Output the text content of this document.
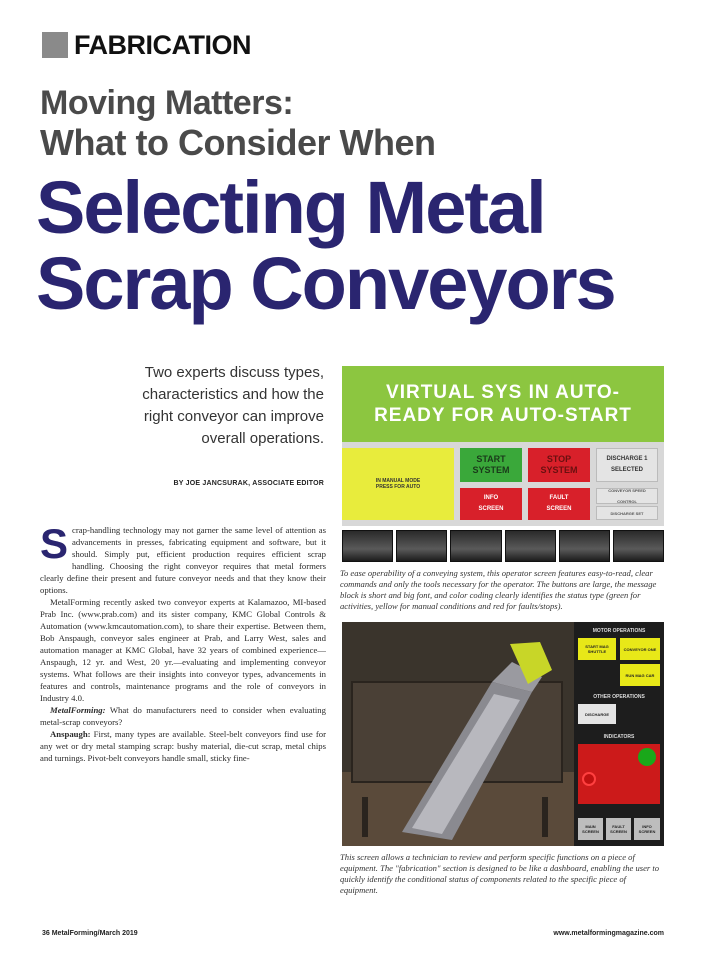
FABRICATION
Moving Matters:
What to Consider When
Selecting Metal
Scrap Conveyors
Two experts discuss types,
characteristics and how the
right conveyor can improve
overall operations.
BY JOE JANCSURAK, ASSOCIATE EDITOR
VIRTUAL SYS IN AUTO-
READY FOR AUTO-START
IN MANUAL MODE
PRESS FOR AUTO
START
SYSTEM
STOP
SYSTEM
DISCHARGE 1
SELECTED
INFO
SCREEN
FAULT
SCREEN
CONVEYOR SPEED
CONTROL
DISCHARGE SET
To ease operability of a conveying system, this operator screen features easy-to-read, clear commands and only the tools necessary for the operator. The buttons are large, the message block is short and big font, and color coding clearly identifies the status type (green for activities, yellow for manual conditions and red for faults/stops).
MOTOR OPERATIONS
START MAG SHUTTLE	CONVEYOR ONE
RUN MAG CAR
OTHER OPERATIONS
DISCHARGE
INDICATORS
MAIN SCREEN
FAULT SCREEN
INFO SCREEN
This screen allows a technician to review and perform specific functions on a piece of equipment. The "fabrication" section is designed to be like a dashboard, enabling the user to quickly identify the conditional status of components related to the specific piece of equipment.
S crap-handling technology may not garner the same level of attention as advancements in presses, fabricating equipment and software, but it should. Simply put, efficient production requires efficient scrap handling. Choosing the right conveyor requires that metal formers clearly define their present and future conveyor needs and that they know their options.

MetalForming recently asked two conveyor experts at Kalamazoo, MI-based Prab Inc. (www.prab.com) and its sister company, KMC Global Controls & Automation (www.kmcautomation.com), to share their expertise. Between them, Bob Anspaugh, conveyor sales engineer at Prab, and Larry West, sales and automation manager at KMC Global, have 32 years of combined experience—Anspaugh, 12 yr. and West, 20 yr.—evaluating and implementing conveyor systems. What follows are their insights into conveyor types, advancements in features and controls, maintenance programs and the role of conveyors in Industry 4.0.

MetalForming: What do manufacturers need to consider when evaluating metal-scrap conveyors?

Anspaugh: First, many types are available. Steel-belt conveyors find use for any wet or dry metal stamping scrap: bushy material, die-cut scrap, metal chips and turnings. Pivot-belt conveyors handle small, sticky fine-

36 MetalForming/March 2019	www.metalformingmagazine.com
